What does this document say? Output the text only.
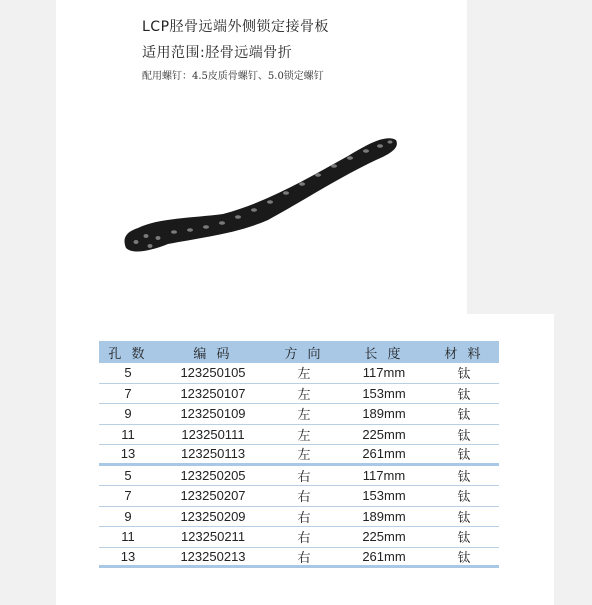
LCP胫骨远端外侧锁定接骨板
适用范围:胫骨远端骨折
配用螺钉：4.5皮质骨螺钉、5.0锁定螺钉
孔 数	编 码	方 向	长 度	材 料
5	123250105	左	117mm	钛
7	123250107	左	153mm	钛
9	123250109	左	189mm	钛
11	123250111	左	225mm	钛
13	123250113	左	261mm	钛
5	123250205	右	117mm	钛
7	123250207	右	153mm	钛
9	123250209	右	189mm	钛
11	123250211	右	225mm	钛
13	123250213	右	261mm	钛
